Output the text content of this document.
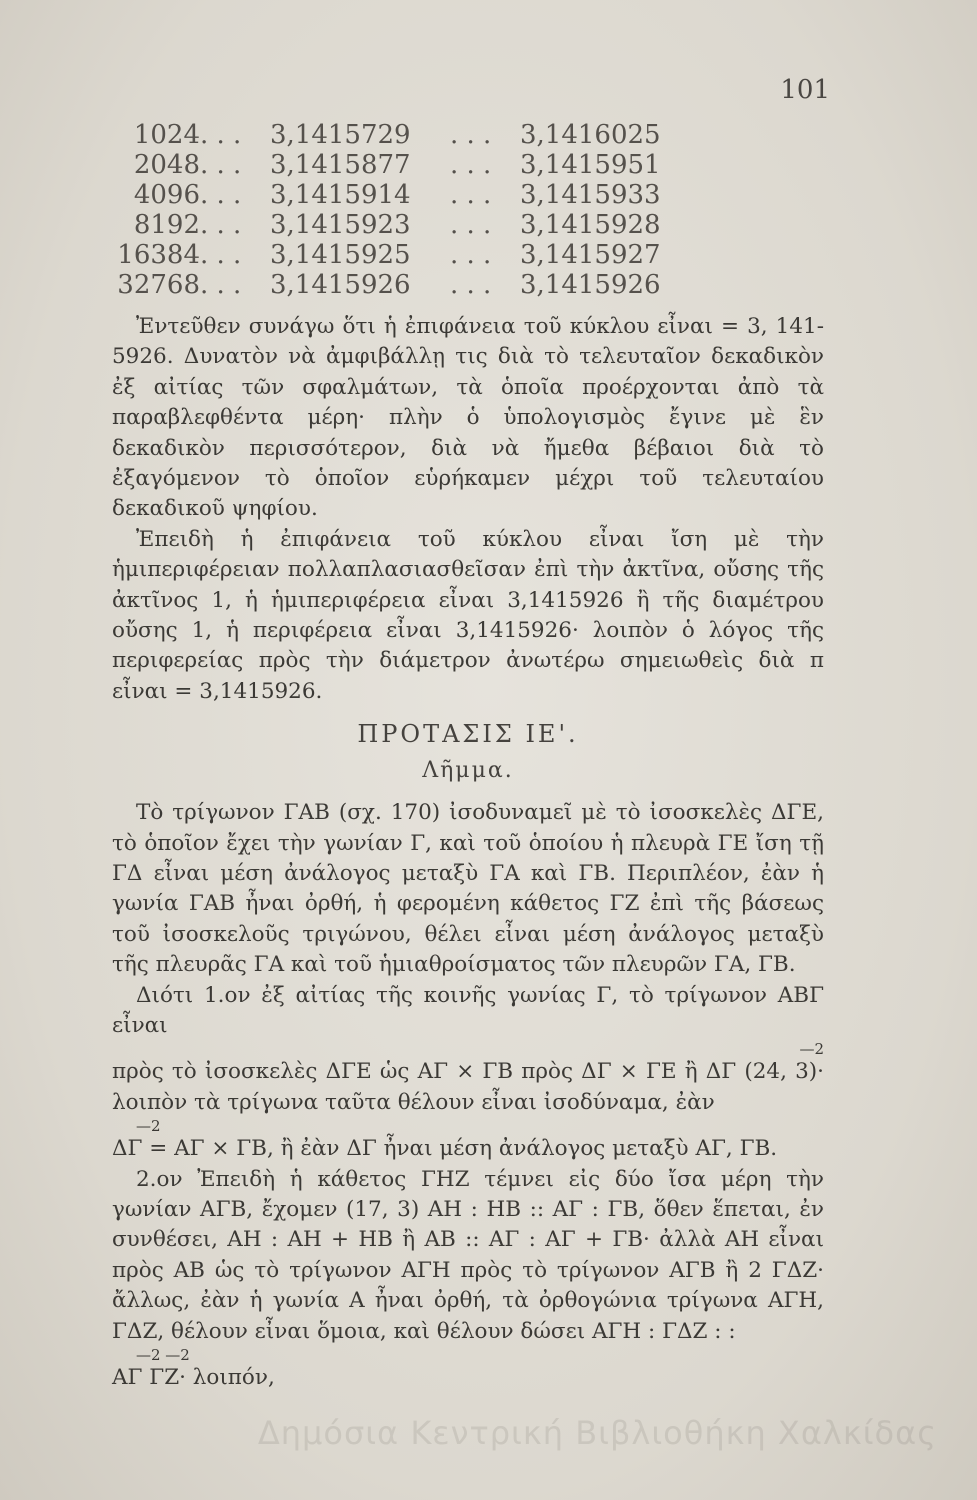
101
1024 . . .	3,1415729	. . .	3,1416025
2048 . . .	3,1415877	. . .	3,1415951
4096 . . .	3,1415914	. . .	3,1415933
8192 . . .	3,1415923	. . .	3,1415928
16384 . . .	3,1415925	. . .	3,1415927
32768 . . .	3,1415926	. . .	3,1415926

Ἐντεῦθεν συνάγω ὅτι ἡ ἐπιφάνεια τοῦ κύκλου εἶναι = 3, 141-5926. Δυνατὸν νὰ ἀμφιβάλλῃ τις διὰ τὸ τελευταῖον δεκαδικὸν ἐξ αἰτίας τῶν σφαλμάτων, τὰ ὁποῖα προέρχονται ἀπὸ τὰ παραβλεφθέντα μέρη· πλὴν ὁ ὑπολογισμὸς ἔγινε μὲ ἓν δεκαδικὸν περισσότερον, διὰ νὰ ἤμεθα βέβαιοι διὰ τὸ ἐξαγόμενον τὸ ὁποῖον εὑρήκαμεν μέχρι τοῦ τελευταίου δεκαδικοῦ ψηφίου.

Ἐπειδὴ ἡ ἐπιφάνεια τοῦ κύκλου εἶναι ἴση μὲ τὴν ἡμιπεριφέρειαν πολλαπλασιασθεῖσαν ἐπὶ τὴν ἀκτῖνα, οὔσης τῆς ἀκτῖνος 1, ἡ ἡμιπεριφέρεια εἶναι 3,1415926 ἢ τῆς διαμέτρου οὔσης 1, ἡ περιφέρεια εἶναι 3,1415926· λοιπὸν ὁ λόγος τῆς περιφερείας πρὸς τὴν διάμετρον ἀνωτέρω σημειωθεὶς διὰ π εἶναι = 3,1415926.

ΠΡΟΤΑΣΙΣ ΙΕ'.
Λῆμμα.

Τὸ τρίγωνον ΓΑΒ (σχ. 170) ἰσοδυναμεῖ μὲ τὸ ἰσοσκελὲς ΔΓΕ, τὸ ὁποῖον ἔχει τὴν γωνίαν Γ, καὶ τοῦ ὁποίου ἡ πλευρὰ ΓΕ ἴση τῇ ΓΔ εἶναι μέση ἀνάλογος μεταξὺ ΓΑ καὶ ΓΒ. Περιπλέον, ἐὰν ἡ γωνία ΓΑΒ ἦναι ὀρθή, ἡ φερομένη κάθετος ΓΖ ἐπὶ τῆς βάσεως τοῦ ἰσοσκελοῦς τριγώνου, θέλει εἶναι μέση ἀνάλογος μεταξὺ τῆς πλευρᾶς ΓΑ καὶ τοῦ ἡμιαθροίσματος τῶν πλευρῶν ΓΑ, ΓΒ.

Διότι 1.ον ἐξ αἰτίας τῆς κοινῆς γωνίας Γ, τὸ τρίγωνον ΑΒΓ εἶναι
—2
πρὸς τὸ ἰσοσκελὲς ΔΓΕ ὡς ΑΓ × ΓΒ πρὸς ΔΓ × ΓΕ ἢ ΔΓ (24, 3)· λοιπὸν τὰ τρίγωνα ταῦτα θέλουν εἶναι ἰσοδύναμα, ἐὰν
—2
ΔΓ = ΑΓ × ΓΒ, ἢ ἐὰν ΔΓ ἦναι μέση ἀνάλογος μεταξὺ ΑΓ, ΓΒ.

2.ον Ἐπειδὴ ἡ κάθετος ΓΗΖ τέμνει εἰς δύο ἴσα μέρη τὴν γωνίαν ΑΓΒ, ἔχομεν (17, 3) ΑΗ : ΗΒ :: ΑΓ : ΓΒ, ὅθεν ἕπεται, ἐν συνθέσει, ΑΗ : ΑΗ + ΗΒ ἢ ΑΒ :: ΑΓ : ΑΓ + ΓΒ· ἀλλὰ ΑΗ εἶναι πρὸς ΑΒ ὡς τὸ τρίγωνον ΑΓΗ πρὸς τὸ τρίγωνον ΑΓΒ ἢ 2 ΓΔΖ· ἄλλως, ἐὰν ἡ γωνία Α ἦναι ὀρθή, τὰ ὀρθογώνια τρίγωνα ΑΓΗ, ΓΔΖ, θέλουν εἶναι ὅμοια, καὶ θέλουν δώσει ΑΓΗ : ΓΔΖ : :
—2 —2
ΑΓ ΓΖ· λοιπόν,

Δημόσια Κεντρική Βιβλιοθήκη Χαλκίδας
